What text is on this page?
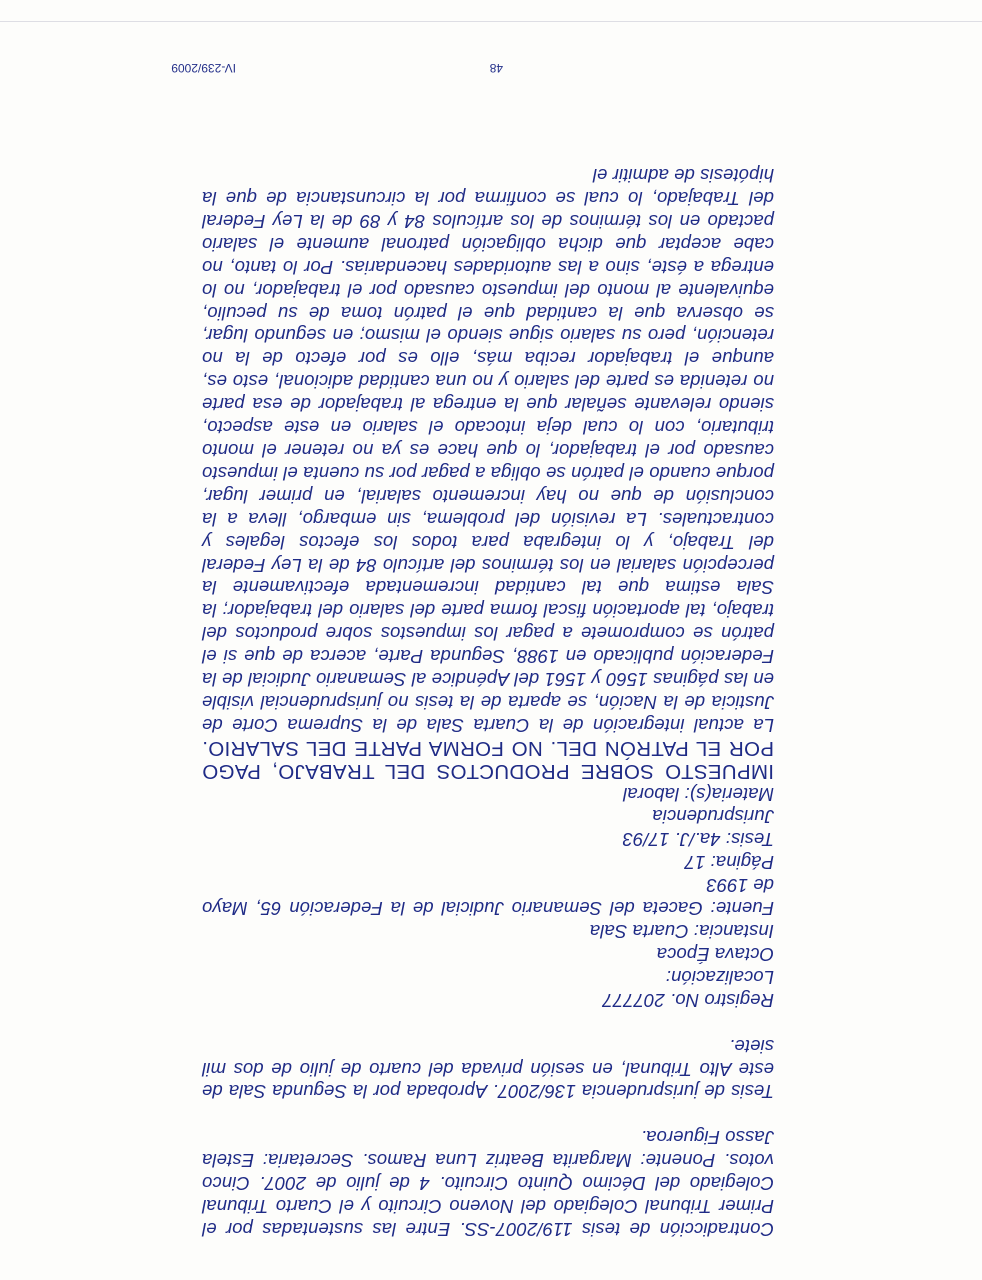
Contradicción de tesis 119/2007-SS. Entre las sustentadas por el Primer Tribunal Colegiado del Noveno Circuito y el Cuarto Tribunal Colegiado del Décimo Quinto Circuito. 4 de julio de 2007. Cinco votos. Ponente: Margarita Beatriz Luna Ramos. Secretaria: Estela Jasso Figueroa.

Tesis de jurisprudencia 136/2007. Aprobada por la Segunda Sala de este Alto Tribunal, en sesión privada del cuarto de julio de dos mil siete.

Registro No. 207777
Localización:
Octava Época
Instancia: Cuarta Sala

Fuente: Gaceta del Semanario Judicial de la Federación 65, Mayo de 1993

Página: 17
Tesis: 4a./J. 17/93
Jurisprudencia
Materia(s): laboral

IMPUESTO SOBRE PRODUCTOS DEL TRABAJO, PAGO POR EL PATRÓN DEL. NO FORMA PARTE DEL SALARIO. La actual integración de la Cuarta Sala de la Suprema Corte de Justicia de la Nación, se aparta de la tesis no jurisprudencial visible en las páginas 1560 y 1561 del Apéndice al Semanario Judicial de la Federación publicado en 1988, Segunda Parte, acerca de que si el patrón se compromete a pagar los impuestos sobre productos del trabajo, tal aportación fiscal forma parte del salario del trabajador; la Sala estima que tal cantidad incrementada efectivamente la percepción salarial en los términos del artículo 84 de la Ley Federal del Trabajo, y lo integraba para todos los efectos legales y contractuales. La revisión del problema, sin embargo, lleva a la conclusión de que no hay incremento salarial, en primer lugar, porque cuando el patrón se obliga a pagar por su cuenta el impuesto causado por el trabajador, lo que hace es ya no retener el monto tributario, con lo cual deja intocado el salario en este aspecto, siendo relevante señalar que la entrega al trabajador de esa parte no retenida es parte del salario y no una cantidad adicional, esto es, aunque el trabajador reciba más, ello es por efecto de la no retención, pero su salario sigue siendo el mismo; en segundo lugar, se observa que la cantidad que el patrón toma de su peculio, equivalente al monto del impuesto causado por el trabajador, no lo entrega a éste, sino a las autoridades hacendarias. Por lo tanto, no cabe aceptar que dicha obligación patronal aumente el salario pactado en los términos de los artículos 84 y 89 de la Ley Federal del Trabajado, lo cual se confirma por la circunstancia de que la hipótesis de admitir el

48
IV-239/2009
